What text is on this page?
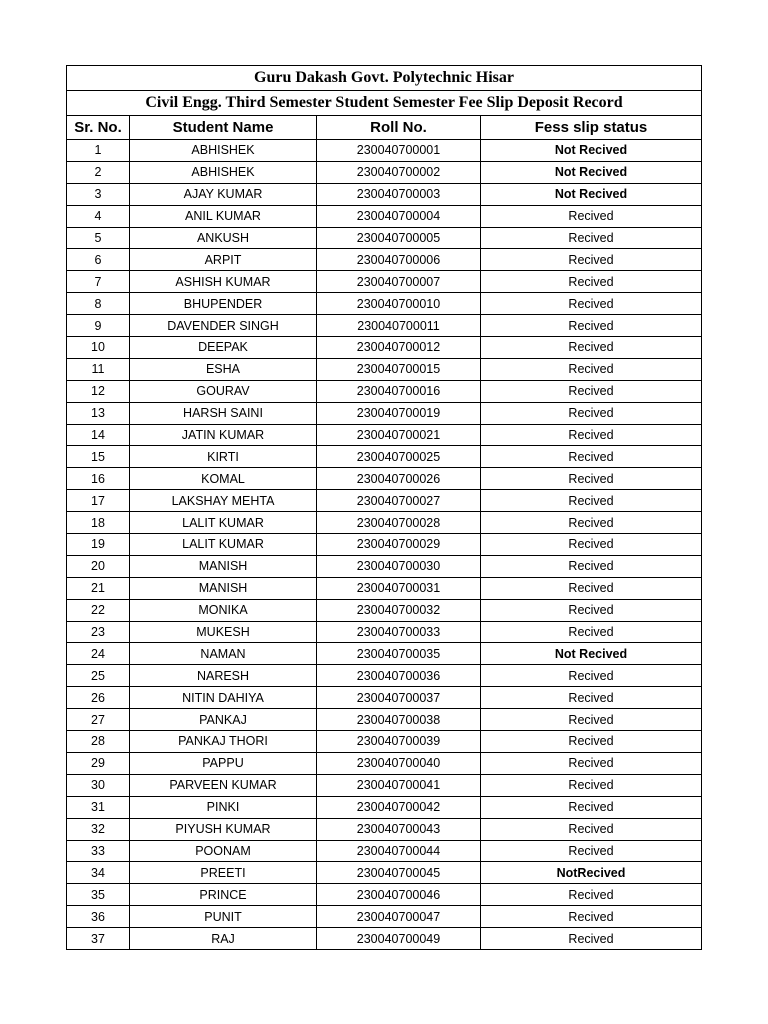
Guru Dakash Govt. Polytechnic Hisar			
Civil Engg. Third Semester Student Semester Fee Slip Deposit Record			
Sr. No.	Student Name	Roll No.	Fess slip status
1	ABHISHEK	230040700001	Not Recived
2	ABHISHEK	230040700002	Not Recived
3	AJAY KUMAR	230040700003	Not Recived
4	ANIL KUMAR	230040700004	Recived
5	ANKUSH	230040700005	Recived
6	ARPIT	230040700006	Recived
7	ASHISH KUMAR	230040700007	Recived
8	BHUPENDER	230040700010	Recived
9	DAVENDER SINGH	230040700011	Recived
10	DEEPAK	230040700012	Recived
11	ESHA	230040700015	Recived
12	GOURAV	230040700016	Recived
13	HARSH SAINI	230040700019	Recived
14	JATIN KUMAR	230040700021	Recived
15	KIRTI	230040700025	Recived
16	KOMAL	230040700026	Recived
17	LAKSHAY MEHTA	230040700027	Recived
18	LALIT KUMAR	230040700028	Recived
19	LALIT KUMAR	230040700029	Recived
20	MANISH	230040700030	Recived
21	MANISH	230040700031	Recived
22	MONIKA	230040700032	Recived
23	MUKESH	230040700033	Recived
24	NAMAN	230040700035	Not Recived
25	NARESH	230040700036	Recived
26	NITIN DAHIYA	230040700037	Recived
27	PANKAJ	230040700038	Recived
28	PANKAJ THORI	230040700039	Recived
29	PAPPU	230040700040	Recived
30	PARVEEN KUMAR	230040700041	Recived
31	PINKI	230040700042	Recived
32	PIYUSH KUMAR	230040700043	Recived
33	POONAM	230040700044	Recived
34	PREETI	230040700045	NotRecived
35	PRINCE	230040700046	Recived
36	PUNIT	230040700047	Recived
37	RAJ	230040700049	Recived
